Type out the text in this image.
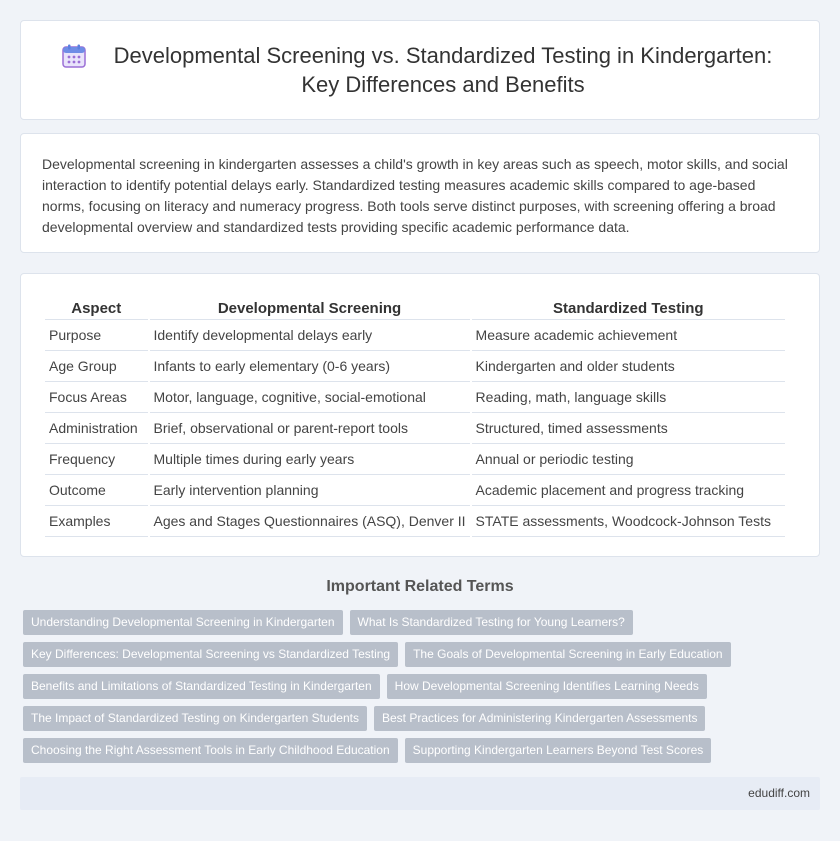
Developmental Screening vs. Standardized Testing in Kindergarten: Key Differences and Benefits

Developmental screening in kindergarten assesses a child's growth in key areas such as speech, motor skills, and social interaction to identify potential delays early. Standardized testing measures academic skills compared to age-based norms, focusing on literacy and numeracy progress. Both tools serve distinct purposes, with screening offering a broad developmental overview and standardized tests providing specific academic performance data.

Aspect	Developmental Screening	Standardized Testing
Purpose	Identify developmental delays early	Measure academic achievement
Age Group	Infants to early elementary (0-6 years)	Kindergarten and older students
Focus Areas	Motor, language, cognitive, social-emotional	Reading, math, language skills
Administration	Brief, observational or parent-report tools	Structured, timed assessments
Frequency	Multiple times during early years	Annual or periodic testing
Outcome	Early intervention planning	Academic placement and progress tracking
Examples	Ages and Stages Questionnaires (ASQ), Denver II	STATE assessments, Woodcock-Johnson Tests
Important Related Terms
Understanding Developmental Screening in Kindergarten	What Is Standardized Testing for Young Learners?
Key Differences: Developmental Screening vs Standardized Testing	The Goals of Developmental Screening in Early Education
Benefits and Limitations of Standardized Testing in Kindergarten	How Developmental Screening Identifies Learning Needs
The Impact of Standardized Testing on Kindergarten Students	Best Practices for Administering Kindergarten Assessments
Choosing the Right Assessment Tools in Early Childhood Education	Supporting Kindergarten Learners Beyond Test Scores
edudiff.com
